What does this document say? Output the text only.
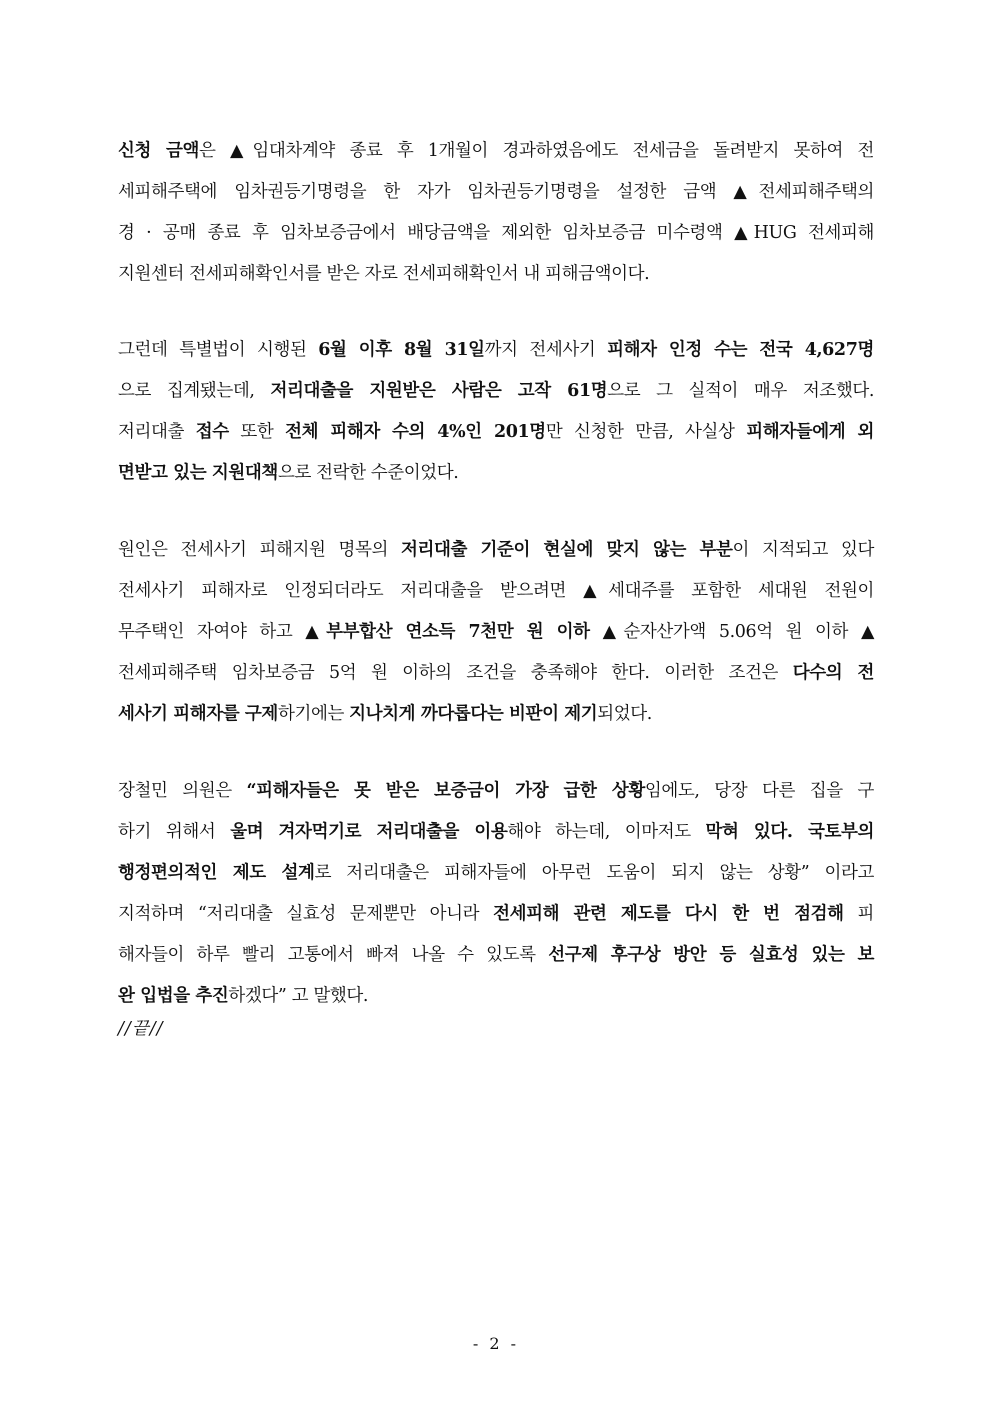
신청 금액은 ▲임대차계약 종료 후 1개월이 경과하였음에도 전세금을 돌려받지 못하여 전
세피해주택에 임차권등기명령을 한 자가 임차권등기명령을 설정한 금액 ▲전세피해주택의
경 · 공매 종료 후 임차보증금에서 배당금액을 제외한 임차보증금 미수령액 ▲HUG 전세피해
지원센터 전세피해확인서를 받은 자로 전세피해확인서 내 피해금액이다.
그런데 특별법이 시행된 6월 이후 8월 31일까지 전세사기 피해자 인정 수는 전국 4,627명
으로 집계됐는데, 저리대출을 지원받은 사람은 고작 61명으로 그 실적이 매우 저조했다.
저리대출 접수 또한 전체 피해자 수의 4%인 201명만 신청한 만큼, 사실상 피해자들에게 외
면받고 있는 지원대책으로 전락한 수준이었다.
원인은 전세사기 피해지원 명목의 저리대출 기준이 현실에 맞지 않는 부분이 지적되고 있다
전세사기 피해자로 인정되더라도 저리대출을 받으려면 ▲세대주를 포함한 세대원 전원이
무주택인 자여야 하고 ▲부부합산 연소득 7천만 원 이하 ▲순자산가액 5.06억 원 이하 ▲
전세피해주택 임차보증금 5억 원 이하의 조건을 충족해야 한다. 이러한 조건은 다수의 전
세사기 피해자를 구제하기에는 지나치게 까다롭다는 비판이 제기되었다.
장철민 의원은 “피해자들은 못 받은 보증금이 가장 급한 상황임에도, 당장 다른 집을 구
하기 위해서 울며 겨자먹기로 저리대출을 이용해야 하는데, 이마저도 막혀 있다. 국토부의
행정편의적인 제도 설계로 저리대출은 피해자들에 아무런 도움이 되지 않는 상황” 이라고
지적하며 “저리대출 실효성 문제뿐만 아니라 전세피해 관련 제도를 다시 한 번 점검해 피
해자들이 하루 빨리 고통에서 빠져 나올 수 있도록 선구제 후구상 방안 등 실효성 있는 보
완 입법을 추진하겠다” 고 말했다.
//끝//
- 2 -
